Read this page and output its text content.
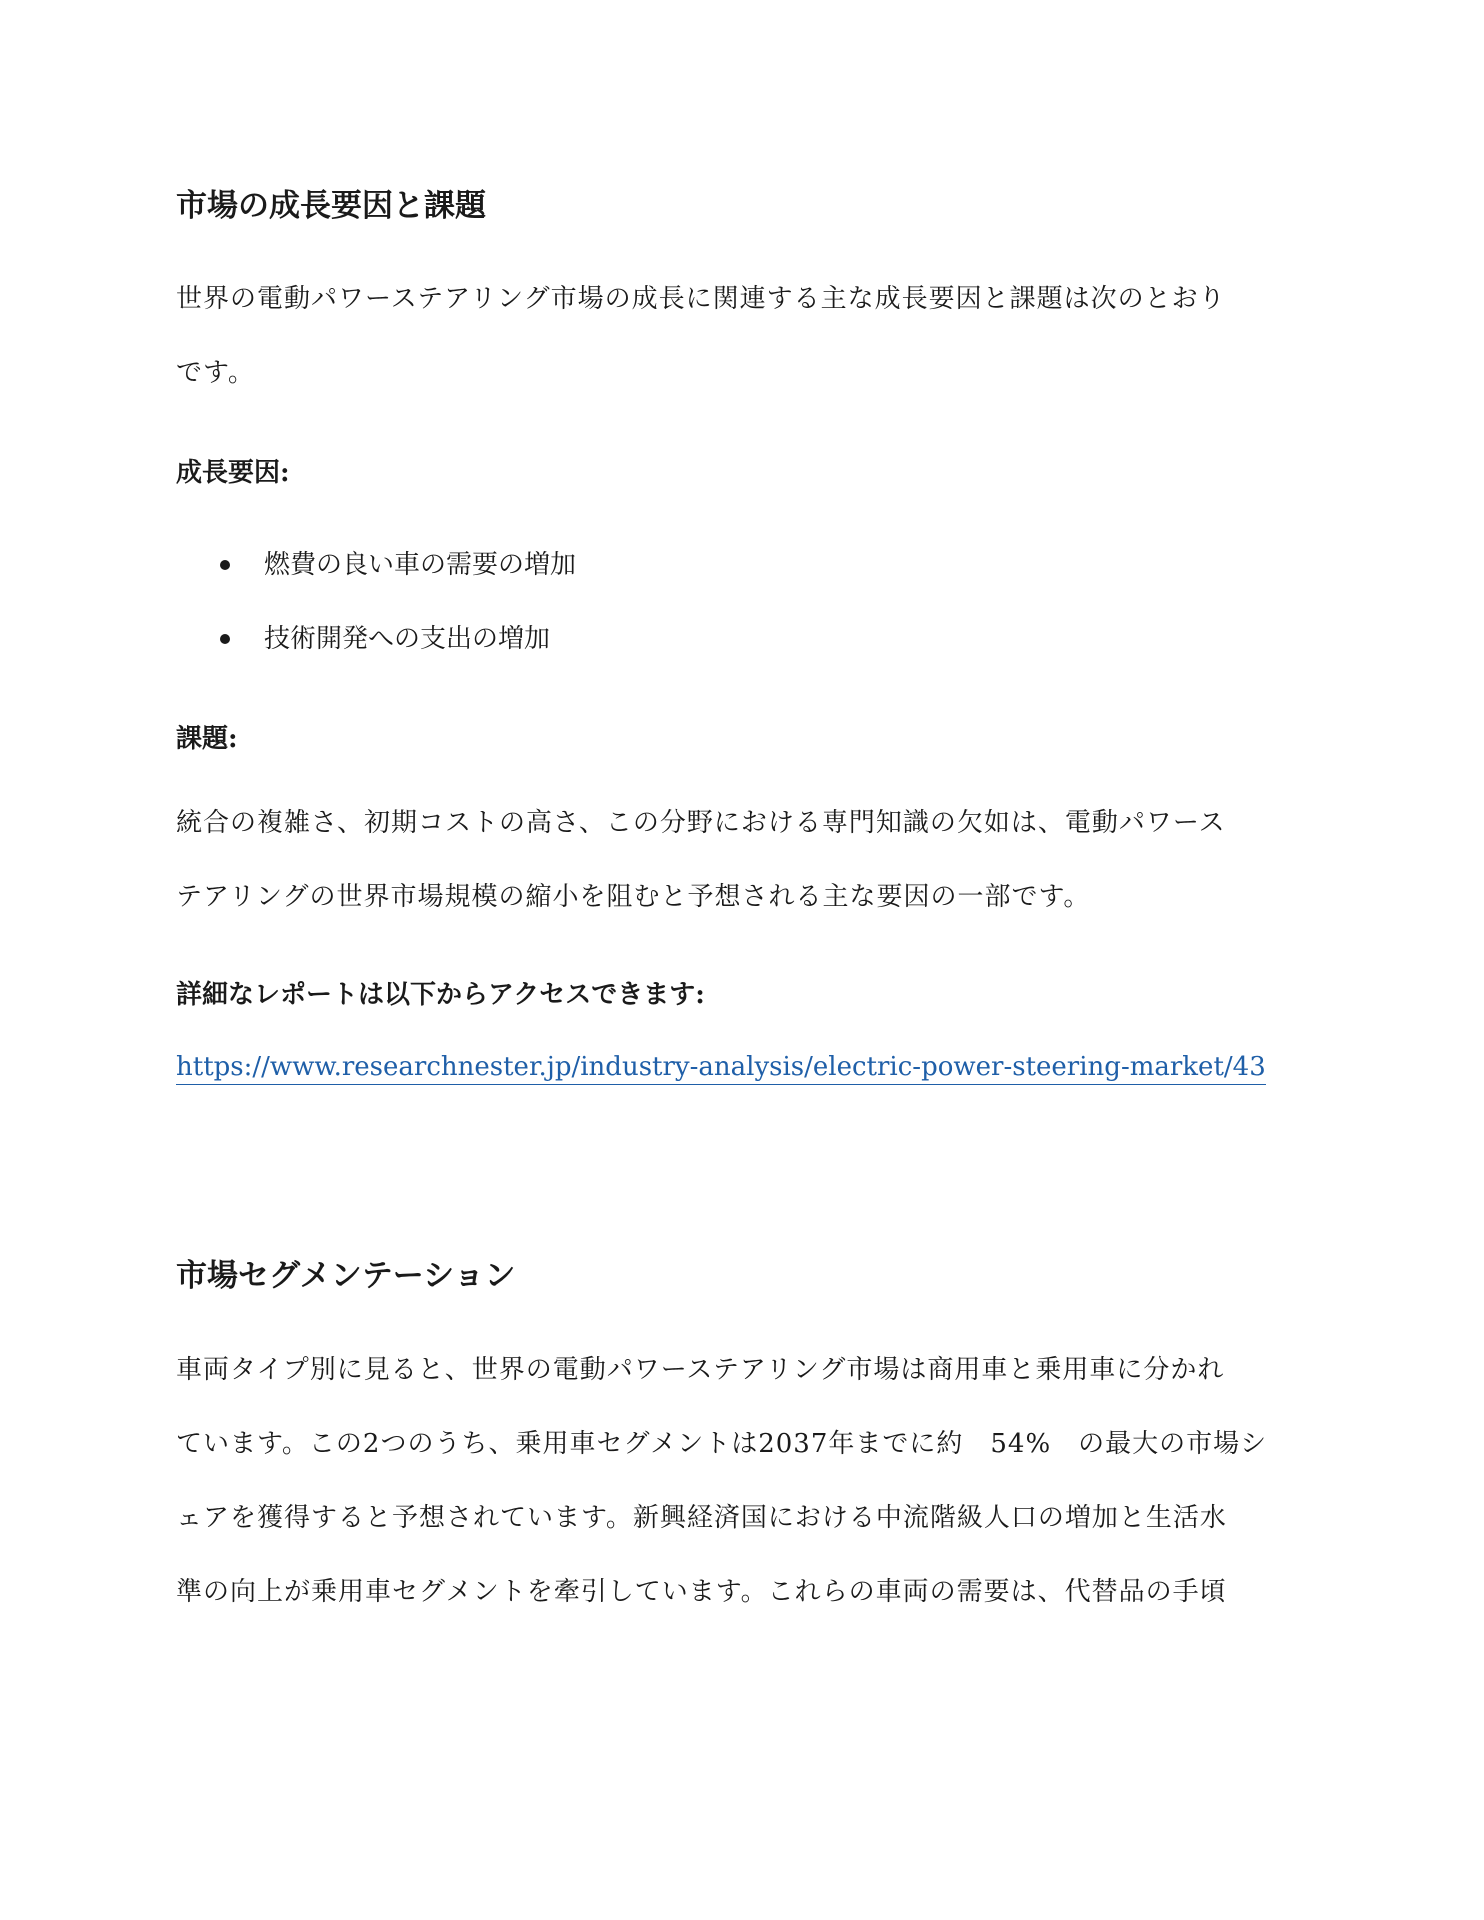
市場の成長要因と課題
世界の電動パワーステアリング市場の成長に関連する主な成長要因と課題は次のとおり
です。
成長要因:
燃費の良い車の需要の増加
技術開発への支出の増加
課題:
統合の複雑さ、初期コストの高さ、この分野における専門知識の欠如は、電動パワース
テアリングの世界市場規模の縮小を阻むと予想される主な要因の一部です。
詳細なレポートは以下からアクセスできます:
https://www.researchnester.jp/industry-analysis/electric-power-steering-market/43
市場セグメンテーション
車両タイプ別に見ると、世界の電動パワーステアリング市場は商用車と乗用車に分かれ
ています。この2つのうち、乗用車セグメントは2037年までに約　54%　の最大の市場シ
ェアを獲得すると予想されています。新興経済国における中流階級人口の増加と生活水
準の向上が乗用車セグメントを牽引しています。これらの車両の需要は、代替品の手頃
